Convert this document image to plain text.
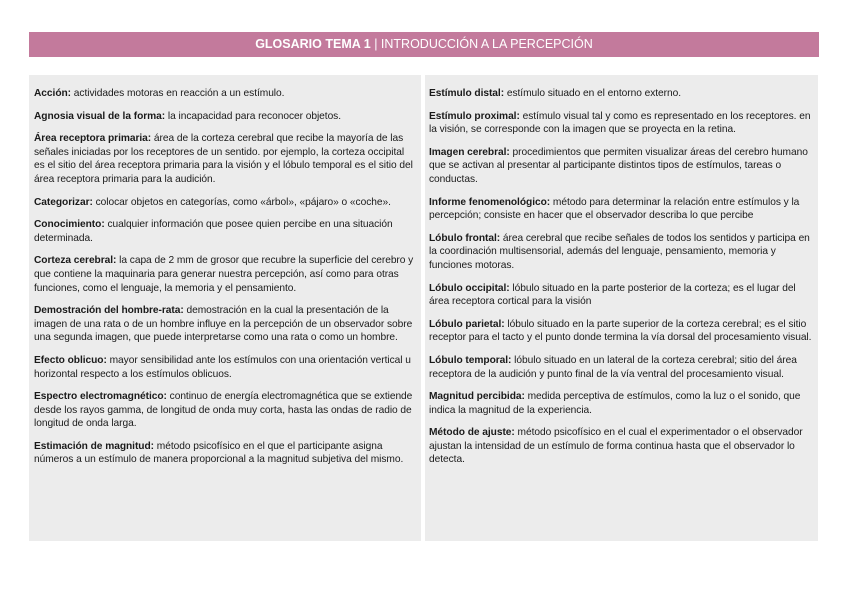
GLOSARIO TEMA 1 | INTRODUCCIÓN A LA PERCEPCIÓN

Acción: actividades motoras en reacción a un estímulo.

Agnosia visual de la forma: la incapacidad para reconocer objetos.

Área receptora primaria: área de la corteza cerebral que recibe la mayoría de las señales iniciadas por los receptores de un sentido. por ejemplo, la corteza occipital es el sitio del área receptora primaria para la visión y el lóbulo temporal es el sitio del área receptora primaria para la audición.

Categorizar: colocar objetos en categorías, como «árbol», «pájaro» o «coche».

Conocimiento: cualquier información que posee quien percibe en una situación determinada.

Corteza cerebral: la capa de 2 mm de grosor que recubre la superficie del cerebro y que contiene la maquinaria para generar nuestra percepción, así como para otras funciones, como el lenguaje, la memoria y el pensamiento.

Demostración del hombre-rata: demostración en la cual la presentación de la imagen de una rata o de un hombre influye en la percepción de un observador sobre una segunda imagen, que puede interpretarse como una rata o como un hombre.

Efecto oblicuo: mayor sensibilidad ante los estímulos con una orientación vertical u horizontal respecto a los estímulos oblicuos.

Espectro electromagnético: continuo de energía electromagnética que se extiende desde los rayos gamma, de longitud de onda muy corta, hasta las ondas de radio de longitud de onda larga.

Estimación de magnitud: método psicofísico en el que el participante asigna números a un estímulo de manera proporcional a la magnitud subjetiva del mismo.

Estímulo distal: estímulo situado en el entorno externo.

Estímulo proximal: estímulo visual tal y como es representado en los receptores. en la visión, se corresponde con la imagen que se proyecta en la retina.

Imagen cerebral: procedimientos que permiten visualizar áreas del cerebro humano que se activan al presentar al participante distintos tipos de estímulos, tareas o conductas.

Informe fenomenológico: método para determinar la relación entre estímulos y la percepción; consiste en hacer que el observador describa lo que percibe

Lóbulo frontal: área cerebral que recibe señales de todos los sentidos y participa en la coordinación multisensorial, además del lenguaje, pensamiento, memoria y funciones motoras.

Lóbulo occipital: lóbulo situado en la parte posterior de la corteza; es el lugar del área receptora cortical para la visión

Lóbulo parietal: lóbulo situado en la parte superior de la corteza cerebral; es el sitio receptor para el tacto y el punto donde termina la vía dorsal del procesamiento visual.

Lóbulo temporal: lóbulo situado en un lateral de la corteza cerebral; sitio del área receptora de la audición y punto final de la vía ventral del procesamiento visual.

Magnitud percibida: medida perceptiva de estímulos, como la luz o el sonido, que indica la magnitud de la experiencia.

Método de ajuste: método psicofísico en el cual el experimentador o el observador ajustan la intensidad de un estímulo de forma continua hasta que el observador lo detecta.
